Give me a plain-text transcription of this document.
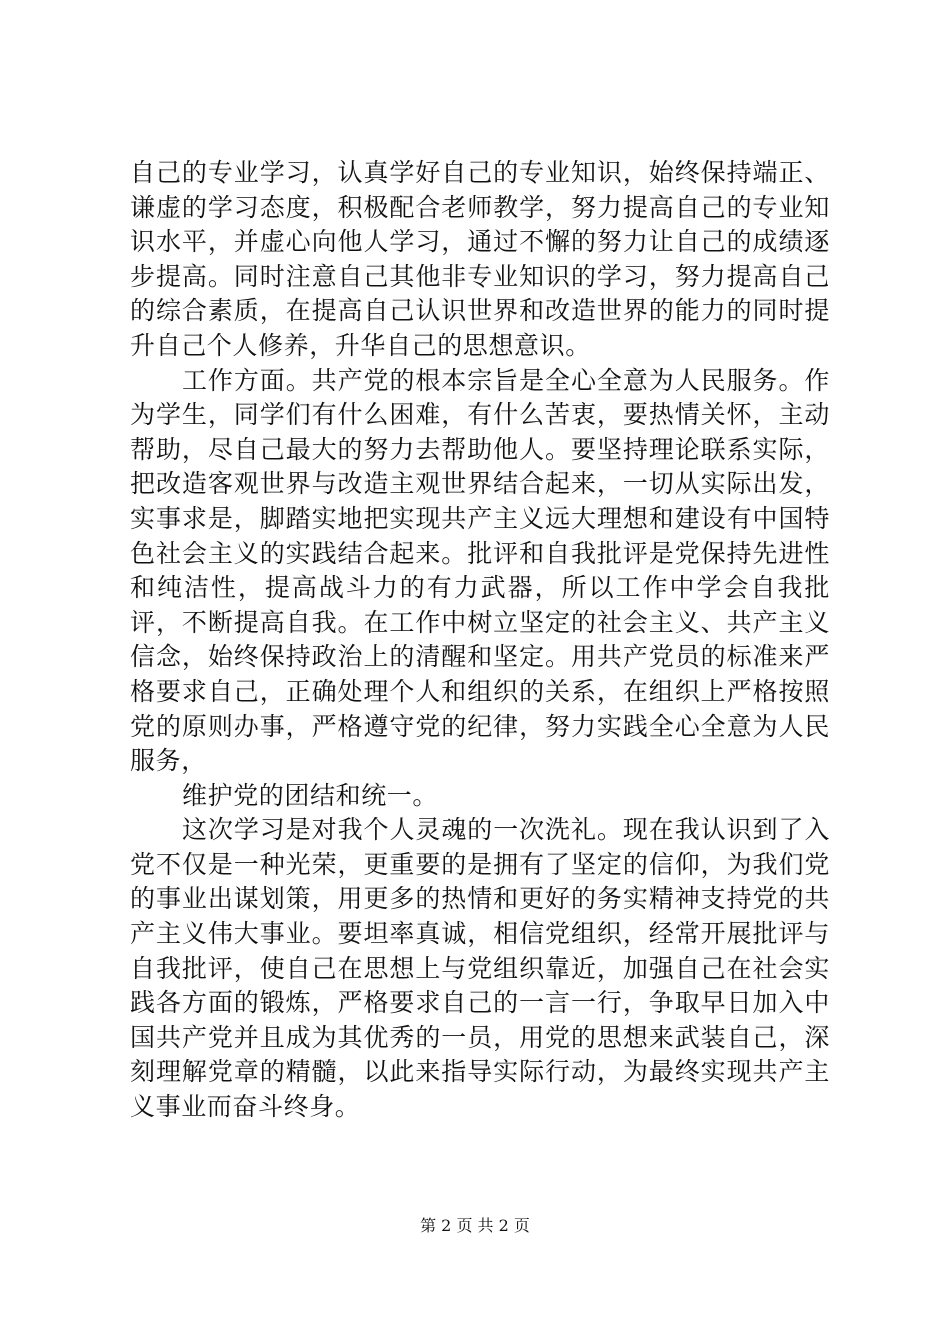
自己的专业学习，认真学好自己的专业知识，始终保持端正、谦虚的学习态度，积极配合老师教学，努力提高自己的专业知识水平，并虚心向他人学习，通过不懈的努力让自己的成绩逐步提高。同时注意自己其他非专业知识的学习，努力提高自己的综合素质，在提高自己认识世界和改造世界的能力的同时提升自己个人修养，升华自己的思想意识。

工作方面。共产党的根本宗旨是全心全意为人民服务。作为学生，同学们有什么困难，有什么苦衷，要热情关怀，主动帮助，尽自己最大的努力去帮助他人。要坚持理论联系实际，把改造客观世界与改造主观世界结合起来，一切从实际出发，实事求是，脚踏实地把实现共产主义远大理想和建设有中国特色社会主义的实践结合起来。批评和自我批评是党保持先进性和纯洁性，提高战斗力的有力武器，所以工作中学会自我批评，不断提高自我。在工作中树立坚定的社会主义、共产主义信念，始终保持政治上的清醒和坚定。用共产党员的标准来严格要求自己，正确处理个人和组织的关系，在组织上严格按照党的原则办事，严格遵守党的纪律，努力实践全心全意为人民服务，

维护党的团结和统一。

这次学习是对我个人灵魂的一次洗礼。现在我认识到了入党不仅是一种光荣，更重要的是拥有了坚定的信仰，为我们党的事业出谋划策，用更多的热情和更好的务实精神支持党的共产主义伟大事业。要坦率真诚，相信党组织，经常开展批评与自我批评，使自己在思想上与党组织靠近，加强自己在社会实践各方面的锻炼，严格要求自己的一言一行，争取早日加入中国共产党并且成为其优秀的一员，用党的思想来武装自己，深刻理解党章的精髓，以此来指导实际行动，为最终实现共产主义事业而奋斗终身。

第 2 页 共 2 页
